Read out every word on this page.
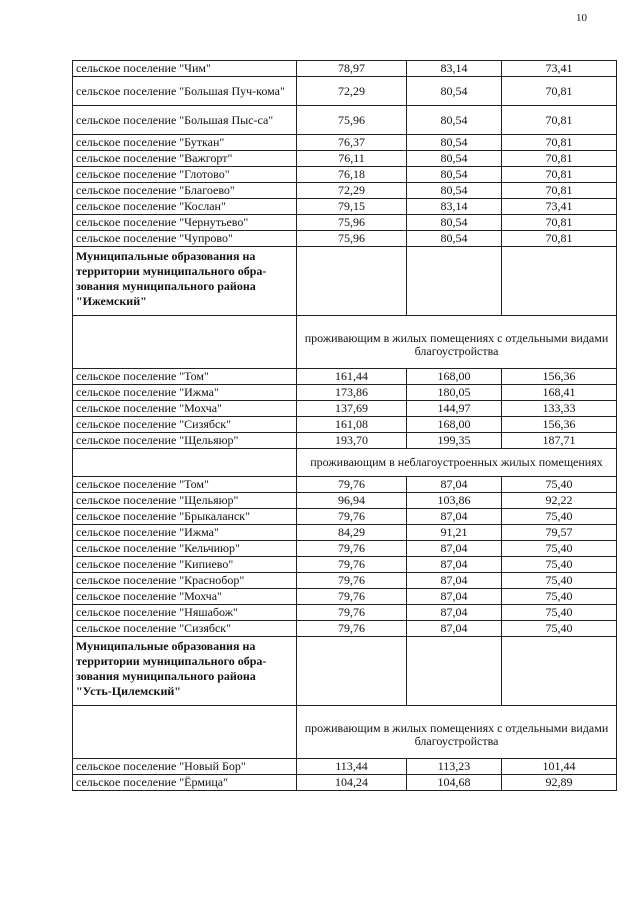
10
сельское поселение "Чим"	78,97	83,14	73,41
сельское поселение "Большая Пуч-кома"	72,29	80,54	70,81
сельское поселение "Большая Пыс-са"	75,96	80,54	70,81
сельское поселение "Буткан"	76,37	80,54	70,81
сельское поселение "Важгорт"	76,11	80,54	70,81
сельское поселение "Глотово"	76,18	80,54	70,81
сельское поселение "Благоево"	72,29	80,54	70,81
сельское поселение "Кослан"	79,15	83,14	73,41
сельское поселение "Чернутьево"	75,96	80,54	70,81
сельское поселение "Чупрово"	75,96	80,54	70,81
Муниципальные образования на территории муниципального обра-зования муниципального района "Ижемский"			
	проживающим в жилых помещениях с отдельными видами благоустройства		
сельское поселение "Том"	161,44	168,00	156,36
сельское поселение "Ижма"	173,86	180,05	168,41
сельское поселение "Мохча"	137,69	144,97	133,33
сельское поселение "Сизябск"	161,08	168,00	156,36
сельское поселение "Щельяюр"	193,70	199,35	187,71
	проживающим в неблагоустроенных жилых помещениях		
сельское поселение "Том"	79,76	87,04	75,40
сельское поселение "Щельяюр"	96,94	103,86	92,22
сельское поселение "Брыкаланск"	79,76	87,04	75,40
сельское поселение "Ижма"	84,29	91,21	79,57
сельское поселение "Кельчиюр"	79,76	87,04	75,40
сельское поселение "Кипиево"	79,76	87,04	75,40
сельское поселение "Краснобор"	79,76	87,04	75,40
сельское поселение "Мохча"	79,76	87,04	75,40
сельское поселение "Няшабож"	79,76	87,04	75,40
сельское поселение "Сизябск"	79,76	87,04	75,40
Муниципальные образования на территории муниципального обра-зования муниципального района "Усть-Цилемский"			
	проживающим в жилых помещениях с отдельными видами благоустройства		
сельское поселение "Новый Бор"	113,44	113,23	101,44
сельское поселение "Ёрмица"	104,24	104,68	92,89
